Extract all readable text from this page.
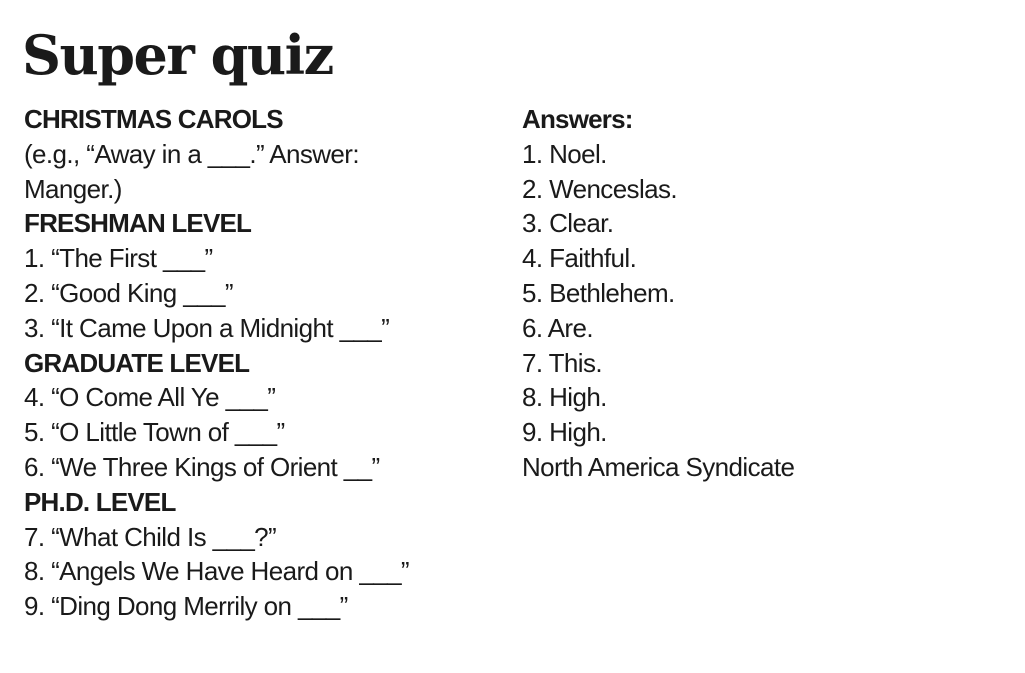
Super quiz
CHRISTMAS CAROLS
(e.g., “Away in a ___.” Answer:
Manger.)
FRESHMAN LEVEL
1. “The First ___”
2. “Good King ___”
3. “It Came Upon a Midnight ___”
GRADUATE LEVEL
4. “O Come All Ye ___”
5. “O Little Town of ___”
6. “We Three Kings of Orient __”
PH.D. LEVEL
7. “What Child Is ___?”
8. “Angels We Have Heard on ___”
9. “Ding Dong Merrily on ___”
Answers:
1. Noel.
2. Wenceslas.
3. Clear.
4. Faithful.
5. Bethlehem.
6. Are.
7. This.
8. High.
9. High.
North America Syndicate
